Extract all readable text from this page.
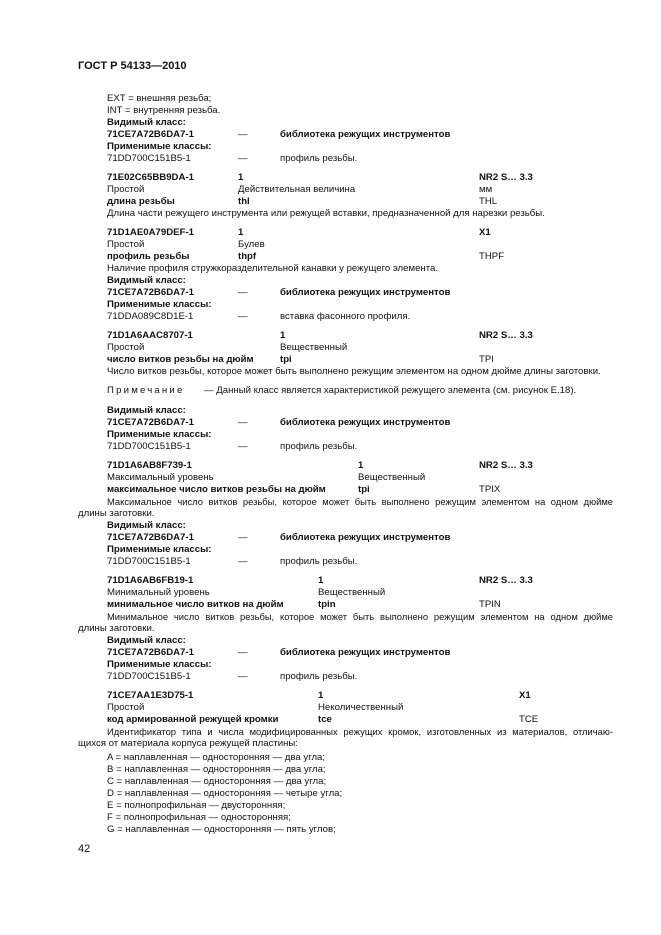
ГОСТ Р 54133—2010
EXT = внешняя резьба;
INT = внутренняя резьба.
Видимый класс:
71CE7A72B6DA7-1	—	библиотека режущих инструментов
Применимые классы:
71DD700C151B5-1	—	профиль резьбы.
71E02C65BB9DA-1	1	NR2 S… 3.3
Простой	Действительная величина	мм
длина резьбы	thl	THL
Длина части режущего инструмента или режущей вставки, предназначенной для нарезки резьбы.
71D1AE0A79DEF-1	1	X1
Простой	Булев
профиль резьбы	thpf	THPF
Наличие профиля стружкоразделительной канавки у режущего элемента.
Видимый класс:
71CE7A72B6DA7-1	—	библиотека режущих инструментов
Применимые классы:
71DDA089C8D1E-1	—	вставка фасонного профиля.
71D1A6AAC8707-1	1	NR2 S… 3.3
Простой	Вещественный
число витков резьбы на дюйм	tpi	TPI
Число витков резьбы, которое может быть выполнено режущим элементом на одном дюйме длины заготовки.
Примечание — Данный класс является характеристикой режущего элемента (см. рисунок Е.18).
Видимый класс:
71CE7A72B6DA7-1	—	библиотека режущих инструментов
Применимые классы:
71DD700C151B5-1	—	профиль резьбы.
71D1A6AB8F739-1	1	NR2 S… 3.3
Максимальный уровень	Вещественный
максимальное число витков резьбы на дюйм	tpi	TPIX
Максимальное число витков резьбы, которое может быть выполнено режущим элементом на одном дюйме
длины заготовки.
Видимый класс:
71CE7A72B6DA7-1	—	библиотека режущих инструментов
Применимые классы:
71DD700C151B5-1	—	профиль резьбы.
71D1A6AB6FB19-1	1	NR2 S… 3.3
Минимальный уровень	Вещественный
минимальное число витков на дюйм	tpin	TPIN
Минимальное число витков резьбы, которое может быть выполнено режущим элементом на одном дюйме
длины заготовки.
Видимый класс:
71CE7A72B6DA7-1	—	библиотека режущих инструментов
Применимые классы:
71DD700C151B5-1	—	профиль резьбы.
71CE7AA1E3D75-1	1	X1
Простой	Неколичественный
код армированной режущей кромки	tce	TCE
Идентификатор типа и числа модифицированных режущих кромок, изготовленных из материалов, отличаю-
щихся от материала корпуса режущей пластины:
A = наплавленная — односторонняя — два угла;
B = наплавленная — односторонняя — два угла;
C = наплавленная — односторонняя — два угла;
D = наплавленная — односторонняя — четыре угла;
E = полнопрофильная — двусторонняя;
F = полнопрофильная — односторонняя;
G = наплавленная — односторонняя — пять углов;
42
